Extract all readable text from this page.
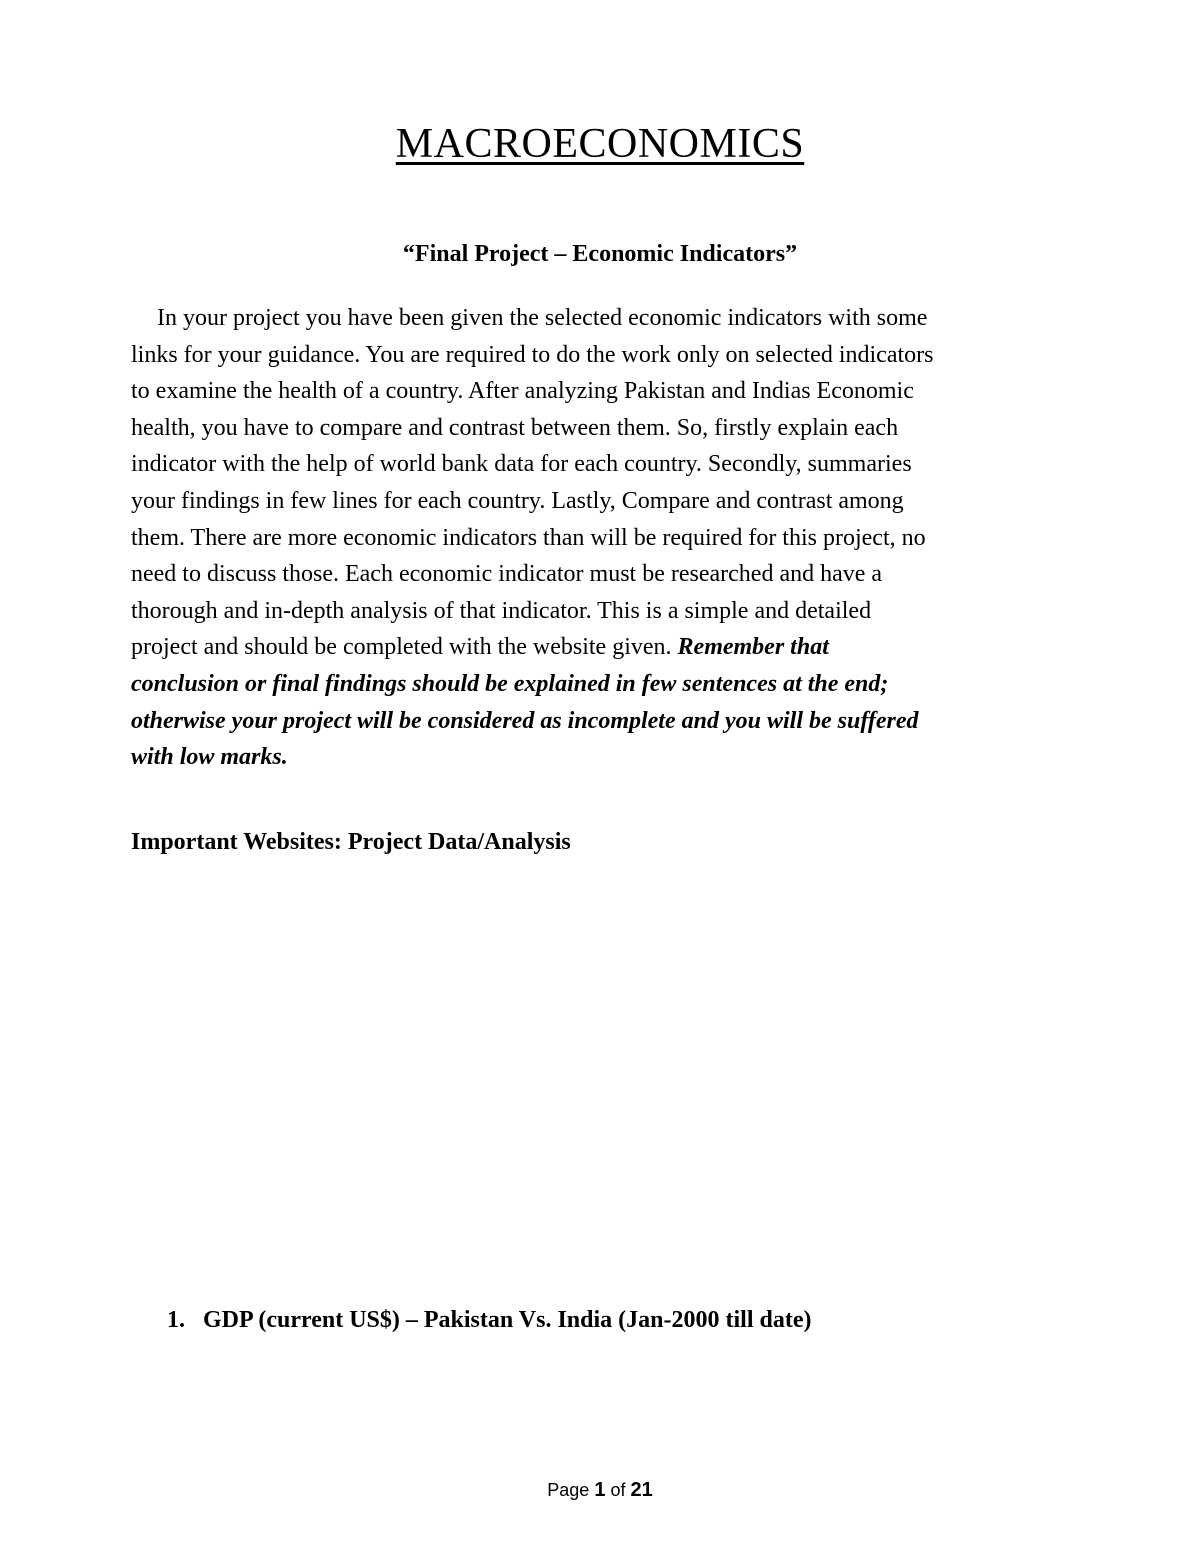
MACROECONOMICS

“Final Project – Economic Indicators”

In your project you have been given the selected economic indicators with some
links for your guidance. You are required to do the work only on selected indicators
to examine the health of a country. After analyzing Pakistan and Indias Economic
health, you have to compare and contrast between them. So, firstly explain each
indicator with the help of world bank data for each country. Secondly, summaries
your findings in few lines for each country. Lastly, Compare and contrast among
them. There are more economic indicators than will be required for this project, no
need to discuss those. Each economic indicator must be researched and have a
thorough and in-depth analysis of that indicator. This is a simple and detailed
project and should be completed with the website given. Remember that
conclusion or final findings should be explained in few sentences at the end;
otherwise your project will be considered as incomplete and you will be suffered
with low marks.

Important Websites: Project Data/Analysis

1. GDP (current US$) – Pakistan Vs. India (Jan-2000 till date)

Page 1 of 21
